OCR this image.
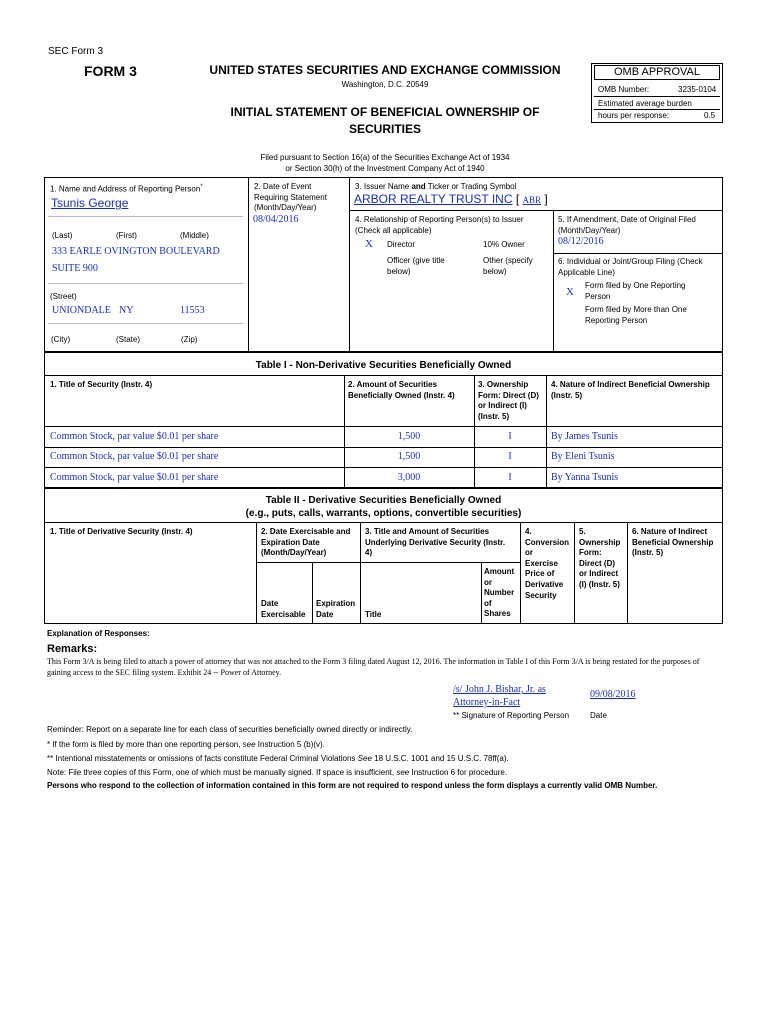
SEC Form 3
FORM 3	UNITED STATES SECURITIES AND EXCHANGE COMMISSION
Washington, D.C. 20549
INITIAL STATEMENT OF BENEFICIAL OWNERSHIP OF
SECURITIES
OMB APPROVAL
OMB Number:	3235-0104
Estimated average burden
hours per response:	0.5
Filed pursuant to Section 16(a) of the Securities Exchange Act of 1934
or Section 30(h) of the Investment Company Act of 1940
1. Name and Address of Reporting Person*
Tsunis George
(Last)	(First)	(Middle)
333 EARLE OVINGTON BOULEVARD
SUITE 900
(Street)
UNIONDALE NY	11553
(City)	(State)	(Zip)
2. Date of Event
Requiring Statement
(Month/Day/Year)
08/04/2016
3. Issuer Name and Ticker or Trading Symbol
ARBOR REALTY TRUST INC [ ABR ]
4. Relationship of Reporting Person(s) to Issuer
(Check all applicable)
X Director	10% Owner
Officer (give title
below)
Other (specify
below)
5. If Amendment, Date of Original Filed
(Month/Day/Year)
08/12/2016
6. Individual or Joint/Group Filing (Check
Applicable Line)
X
Form filed by One Reporting
Person
Form filed by More than One
Reporting Person
Table I - Non-Derivative Securities Beneficially Owned
1. Title of Security (Instr. 4)	2. Amount of Securities
Beneficially Owned (Instr. 4)
3. Ownership
Form: Direct (D)
or Indirect (I)
(Instr. 5)
4. Nature of Indirect Beneficial Ownership
(Instr. 5)
Common Stock, par value $0.01 per share	1,500	I	By James Tsunis
Common Stock, par value $0.01 per share	1,500	I	By Eleni Tsunis
Common Stock, par value $0.01 per share	3,000	I	By Yanna Tsunis
Table II - Derivative Securities Beneficially Owned
(e.g., puts, calls, warrants, options, convertible securities)
1. Title of Derivative Security (Instr. 4)	2. Date Exercisable and
Expiration Date
(Month/Day/Year)
3. Title and Amount of Securities
Underlying Derivative Security (Instr.
4)
4.
Conversion
or
Exercise
Price of
Derivative
Security
5.
Ownership
Form:
Direct (D)
or Indirect
(I) (Instr. 5)
6. Nature of Indirect
Beneficial Ownership
(Instr. 5)
Date
Exercisable
Expiration
Date	Title
Amount
or
Number
of
Shares
Explanation of Responses:
Remarks:
This Form 3/A is being filed to attach a power of attorney that was not attached to the Form 3 filing dated August 12, 2016. The information in Table I of this Form 3/A is being restated for the purposes of
gaining access to the SEC filing system. Exhibit 24 -- Power of Attorney.
/s/ John J. Bishar, Jr. as
Attorney-in-Fact
09/08/2016
** Signature of Reporting Person	Date
Reminder: Report on a separate line for each class of securities beneficially owned directly or indirectly.
* If the form is filed by more than one reporting person, see Instruction 5 (b)(v).
** Intentional misstatements or omissions of facts constitute Federal Criminal Violations See 18 U.S.C. 1001 and 15 U.S.C. 78ff(a).
Note: File three copies of this Form, one of which must be manually signed. If space is insufficient, see Instruction 6 for procedure.
Persons who respond to the collection of information contained in this form are not required to respond unless the form displays a currently valid OMB Number.
